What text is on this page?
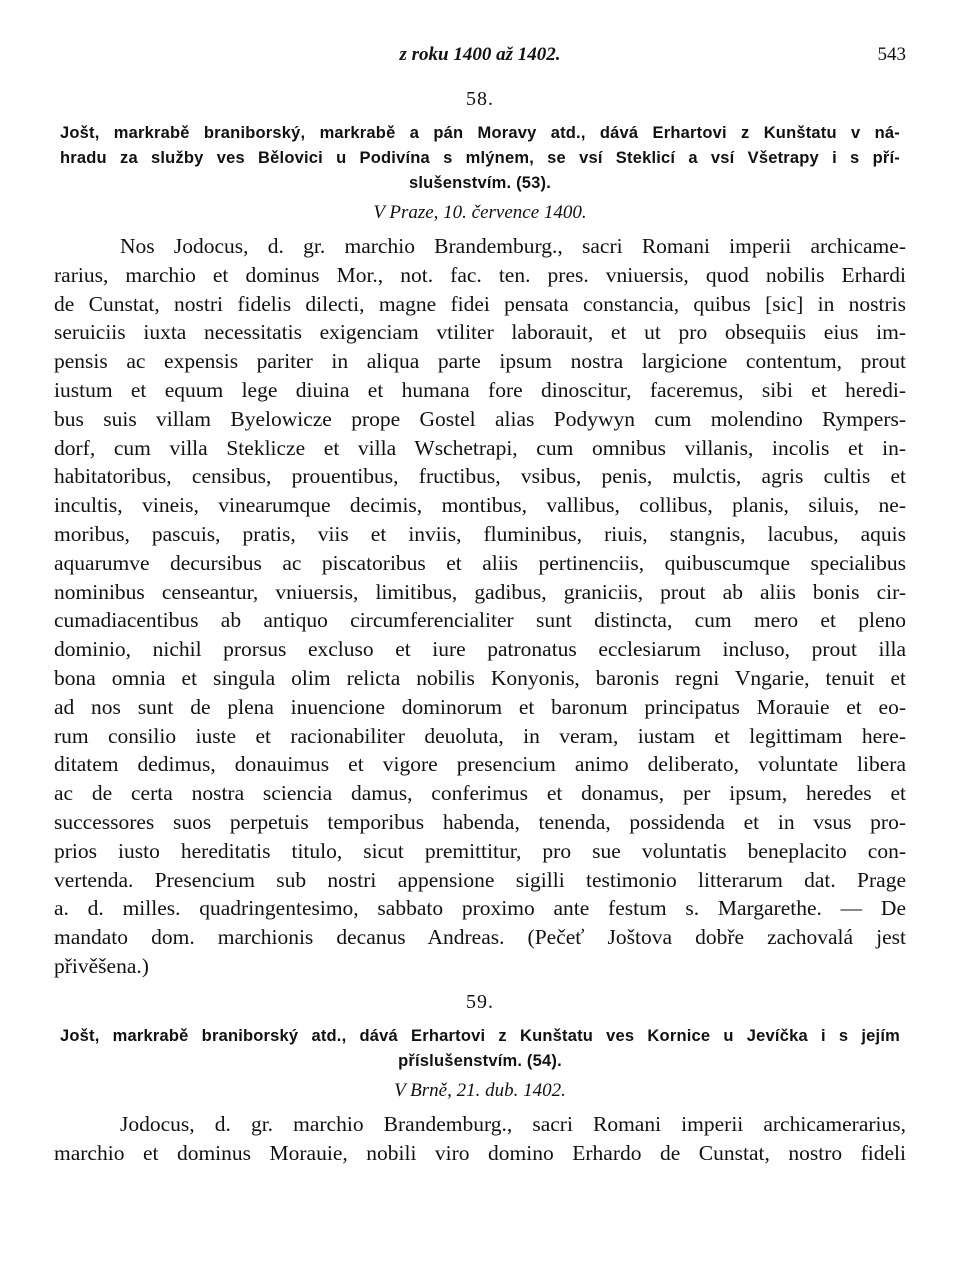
z roku 1400 až 1402.	543
58.
Jošt, markrabě braniborský, markrabě a pán Moravy atd., dává Erhartovi z Kunštatu v ná-
hradu za služby ves Bělovici u Podivína s mlýnem, se vsí Steklicí a vsí Všetrapy i s pří-
slušenstvím. (53).
V Praze, 10. července 1400.
Nos Jodocus, d. gr. marchio Brandemburg., sacri Romani imperii archicame-
rarius, marchio et dominus Mor., not. fac. ten. pres. vniuersis, quod nobilis Erhardi
de Cunstat, nostri fidelis dilecti, magne fidei pensata constancia, quibus [sic] in nostris
seruiciis iuxta necessitatis exigenciam vtiliter laborauit, et ut pro obsequiis eius im-
pensis ac expensis pariter in aliqua parte ipsum nostra largicione contentum, prout
iustum et equum lege diuina et humana fore dinoscitur, faceremus, sibi et heredi-
bus suis villam Byelowicze prope Gostel alias Podywyn cum molendino Rympers-
dorf, cum villa Steklicze et villa Wschetrapi, cum omnibus villanis, incolis et in-
habitatoribus, censibus, prouentibus, fructibus, vsibus, penis, mulctis, agris cultis et
incultis, vineis, vinearumque decimis, montibus, vallibus, collibus, planis, siluis, ne-
moribus, pascuis, pratis, viis et inviis, fluminibus, riuis, stangnis, lacubus, aquis
aquarumve decursibus ac piscatoribus et aliis pertinenciis, quibuscumque specialibus
nominibus censeantur, vniuersis, limitibus, gadibus, graniciis, prout ab aliis bonis cir-
cumadiacentibus ab antiquo circumferencialiter sunt distincta, cum mero et pleno
dominio, nichil prorsus excluso et iure patronatus ecclesiarum incluso, prout illa
bona omnia et singula olim relicta nobilis Konyonis, baronis regni Vngarie, tenuit et
ad nos sunt de plena inuencione dominorum et baronum principatus Morauie et eo-
rum consilio iuste et racionabiliter deuoluta, in veram, iustam et legittimam here-
ditatem dedimus, donauimus et vigore presencium animo deliberato, voluntate libera
ac de certa nostra sciencia damus, conferimus et donamus, per ipsum, heredes et
successores suos perpetuis temporibus habenda, tenenda, possidenda et in vsus pro-
prios iusto hereditatis titulo, sicut premittitur, pro sue voluntatis beneplacito con-
vertenda. Presencium sub nostri appensione sigilli testimonio litterarum dat. Prage
a. d. milles. quadringentesimo, sabbato proximo ante festum s. Margarethe. — De
mandato dom. marchionis decanus Andreas. (Pečeť Joštova dobře zachovalá jest
přivěšena.)
59.
Jošt, markrabě braniborský atd., dává Erhartovi z Kunštatu ves Kornice u Jevíčka i s jejím
příslušenstvím. (54).
V Brně, 21. dub. 1402.
Jodocus, d. gr. marchio Brandemburg., sacri Romani imperii archicamerarius,
marchio et dominus Morauie, nobili viro domino Erhardo de Cunstat, nostro fideli
